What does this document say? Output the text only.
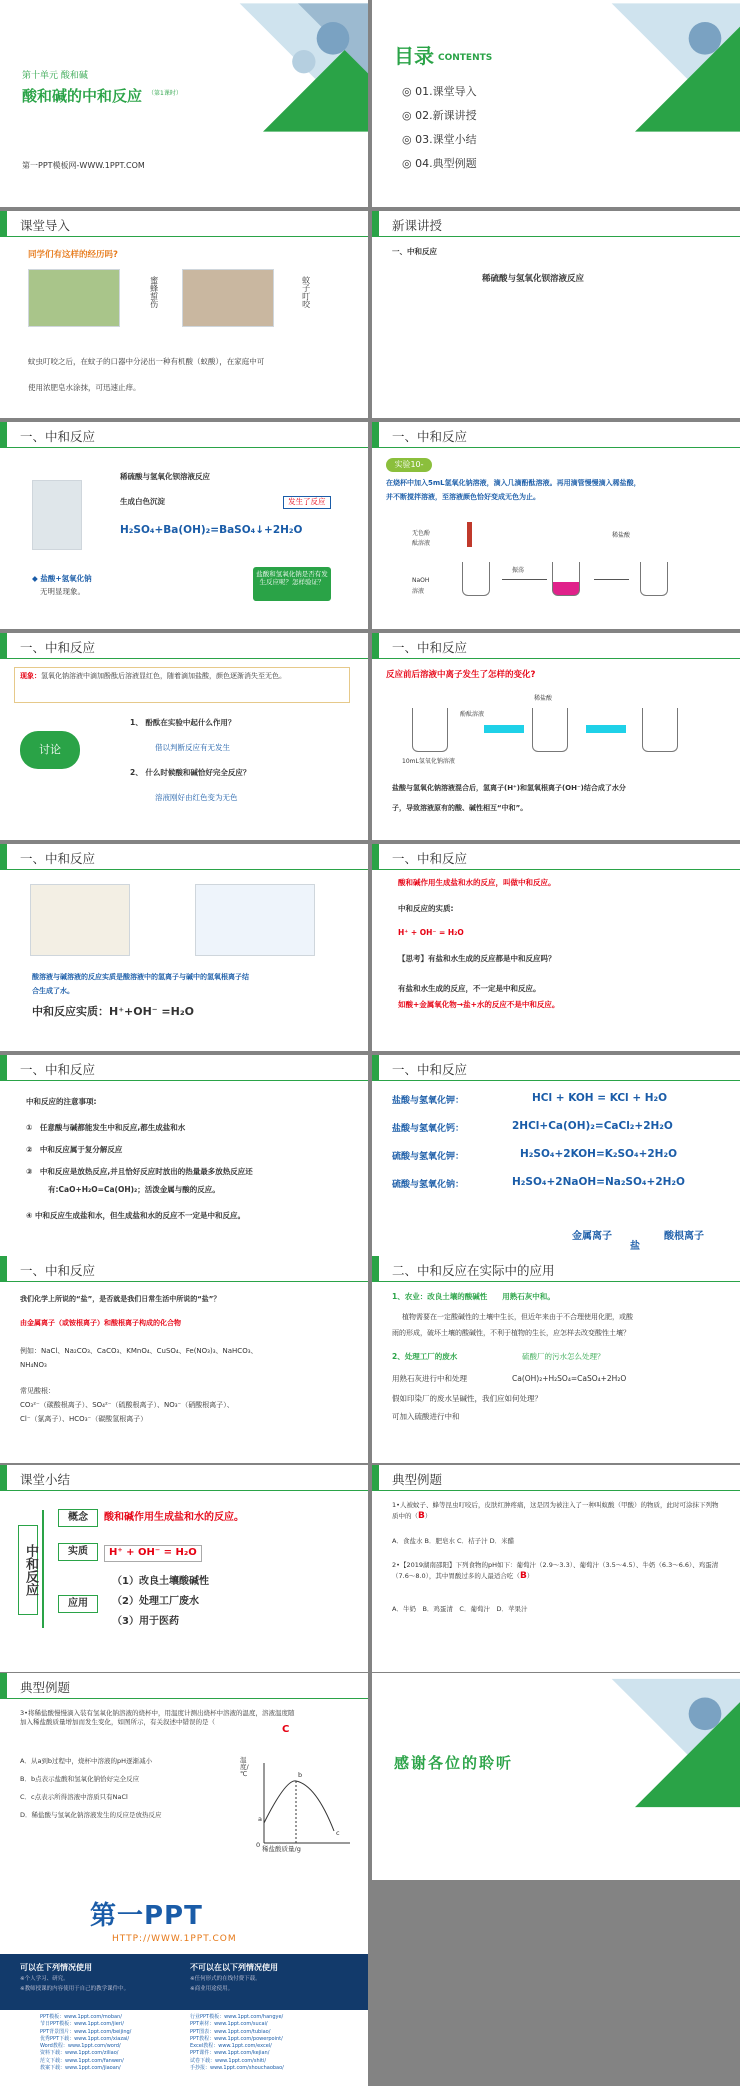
第十单元 酸和碱
酸和碱的中和反应 （第1课时）
第一PPT模板网-WWW.1PPT.COM
目录 CONTENTS
◎ 01.课堂导入
◎ 02.新课讲授
◎ 03.课堂小结
◎ 04.典型例题
课堂导入
同学们有这样的经历吗?
蜜蜂蜇伤	蚊子叮咬
蚊虫叮咬之后，在蚊子的口器中分泌出一种有机酸（蚁酸），在家庭中可
使用浓肥皂水涂抹，可迅速止痒。
新课讲授
一、中和反应
稀硫酸与氢氧化钡溶液反应
一、中和反应
稀硫酸与氢氧化钡溶液反应
生成白色沉淀	发生了反应
H₂SO₄+Ba(OH)₂=BaSO₄↓+2H₂O
◆ 盐酸+氢氧化钠
无明显现象。
盐酸和氢氧化钠是否有发生反应呢？怎样验证？
一、中和反应
实验10-
在烧杯中加入5mL氢氧化钠溶液，滴入几滴酚酞溶液。再用滴管慢慢滴入稀盐酸，
并不断搅拌溶液，至溶液颜色恰好变成无色为止。
无色酚
酞溶液
NaOH
溶液
振荡
稀盐酸
一、中和反应
现象：氢氧化钠溶液中滴加酚酞后溶液显红色，随着滴加盐酸，颜色逐渐消失至无色。
讨论
1、 酚酞在实验中起什么作用？
借以判断反应有无发生
2、 什么时候酸和碱恰好完全反应？
溶液刚好由红色变为无色
一、中和反应
反应前后溶液中离子发生了怎样的变化?
酚酞溶液
10mL氢氧化钠溶液
稀盐酸
盐酸与氢氧化钠溶液混合后，氢离子(H⁺)和氢氧根离子(OH⁻)结合成了水分
子，导致溶液原有的酸、碱性相互“中和”。
一、中和反应
酸溶液与碱溶液的反应实质是酸溶液中的氢离子与碱中的氢氧根离子结
合生成了水。
中和反应实质：H⁺+OH⁻ =H₂O
一、中和反应
酸和碱作用生成盐和水的反应，叫做中和反应。
中和反应的实质:
H⁺ + OH⁻ = H₂O
【思考】有盐和水生成的反应都是中和反应吗？
有盐和水生成的反应，不一定是中和反应。
如酸+金属氧化物→盐+水的反应不是中和反应。
一、中和反应
中和反应的注意事项:
①　任意酸与碱都能发生中和反应,都生成盐和水
②　中和反应属于复分解反应
③　中和反应是放热反应,并且恰好反应时放出的热量最多放热反应还
有:CaO+H₂O=Ca(OH)₂；活泼金属与酸的反应。
④ 中和反应生成盐和水，但生成盐和水的反应不一定是中和反应。
一、中和反应
盐酸与氢氧化钾：	HCl + KOH = KCl + H₂O
盐酸与氢氧化钙：	2HCl+Ca(OH)₂=CaCl₂+2H₂O
硫酸与氢氧化钾：	H₂SO₄+2KOH=K₂SO₄+2H₂O
硫酸与氢氧化钠：	H₂SO₄+2NaOH=Na₂SO₄+2H₂O
金属离子
盐
酸根离子
一、中和反应
我们化学上所说的“盐”，是否就是我们日常生活中所说的“盐”？
由金属离子（或铵根离子）和酸根离子构成的化合物
例如：NaCl、Na₂CO₃、CaCO₃、KMnO₄、CuSO₄、Fe(NO₃)₃、NaHCO₃、
NH₄NO₃
常见酸根：
CO₃²⁻（碳酸根离子）、SO₄²⁻（硫酸根离子）、NO₃⁻（硝酸根离子）、
Cl⁻（氯离子）、HCO₃⁻（碳酸氢根离子）
二、中和反应在实际中的应用
1、农业：改良土壤的酸碱性　　用熟石灰中和。
植物需要在一定酸碱性的土壤中生长，但近年来由于不合理使用化肥，或酸
雨的形成，破坏土壤的酸碱性，不利于植物的生长，应怎样去改变酸性土壤？
2、处理工厂的废水	硫酸厂的污水怎么处理？
用熟石灰进行中和处理	Ca(OH)₂+H₂SO₄=CaSO₄+2H₂O
假如印染厂的废水呈碱性，我们应如何处理？
可加入硫酸进行中和
课堂小结
中和反应
概念	酸和碱作用生成盐和水的反应。
实质	H⁺ + OH⁻ = H₂O
应用
（1）改良土壤酸碱性
（2）处理工厂废水
（3）用于医药
典型例题
1•人被蚊子、蜂等昆虫叮咬后，皮肤红肿疼痛，这是因为被注入了一种叫蚁酸（甲酸）的物质，此时可涂抹下列物质中的（B）
A．食盐水 B．肥皂水 C．桔子汁 D．米醋
2•【2019湖南邵阳】下列食物的pH如下：葡萄汁（2.9～3.3）、葡萄汁（3.5～4.5）、牛奶（6.3～6.6）、鸡蛋清（7.6～8.0），其中胃酸过多的人最适合吃（B）
A．牛奶　B．鸡蛋清　C．葡萄汁　D．苹果汁
典型例题
3•将稀盐酸慢慢滴入装有氢氧化钠溶液的烧杯中，用温度计测出烧杯中溶液的温度，溶液温度随加入稀盐酸质量增加而发生变化，如图所示，有关叙述中错误的是（
C
A．从a到b过程中，烧杯中溶液的pH逐渐减小
B．b点表示盐酸和氢氧化钠恰好完全反应
C．c点表示所得溶液中溶质只有NaCl
D．稀盐酸与氢氧化钠溶液发生的反应是放热反应
温度/℃
稀盐酸质量/g
a
b
c
0
感谢各位的聆听
第一PPT
HTTP://WWW.1PPT.COM
可以在下列情况使用
※个人学习、研究。
※教师授课的内容使用于自己的教学课件中。
不可以在以下列情况使用
※任何形式的在线付费下载。
※商业用途使用。
PPT模板：www.1ppt.com/moban/
节日PPT模板：www.1ppt.com/jieri/
PPT背景图片：www.1ppt.com/beijing/
优秀PPT下载：www.1ppt.com/xiazai/
Word教程：www.1ppt.com/word/
资料下载：www.1ppt.com/ziliao/
范文下载：www.1ppt.com/fanwen/
教案下载：www.1ppt.com/jiaoan/
行业PPT模板：www.1ppt.com/hangye/
PPT素材：www.1ppt.com/sucai/
PPT图表：www.1ppt.com/tubiao/
PPT教程：www.1ppt.com/powerpoint/
Excel教程：www.1ppt.com/excel/
PPT课件：www.1ppt.com/kejian/
试卷下载：www.1ppt.com/shiti/
手抄报：www.1ppt.com/shouchaobao/
